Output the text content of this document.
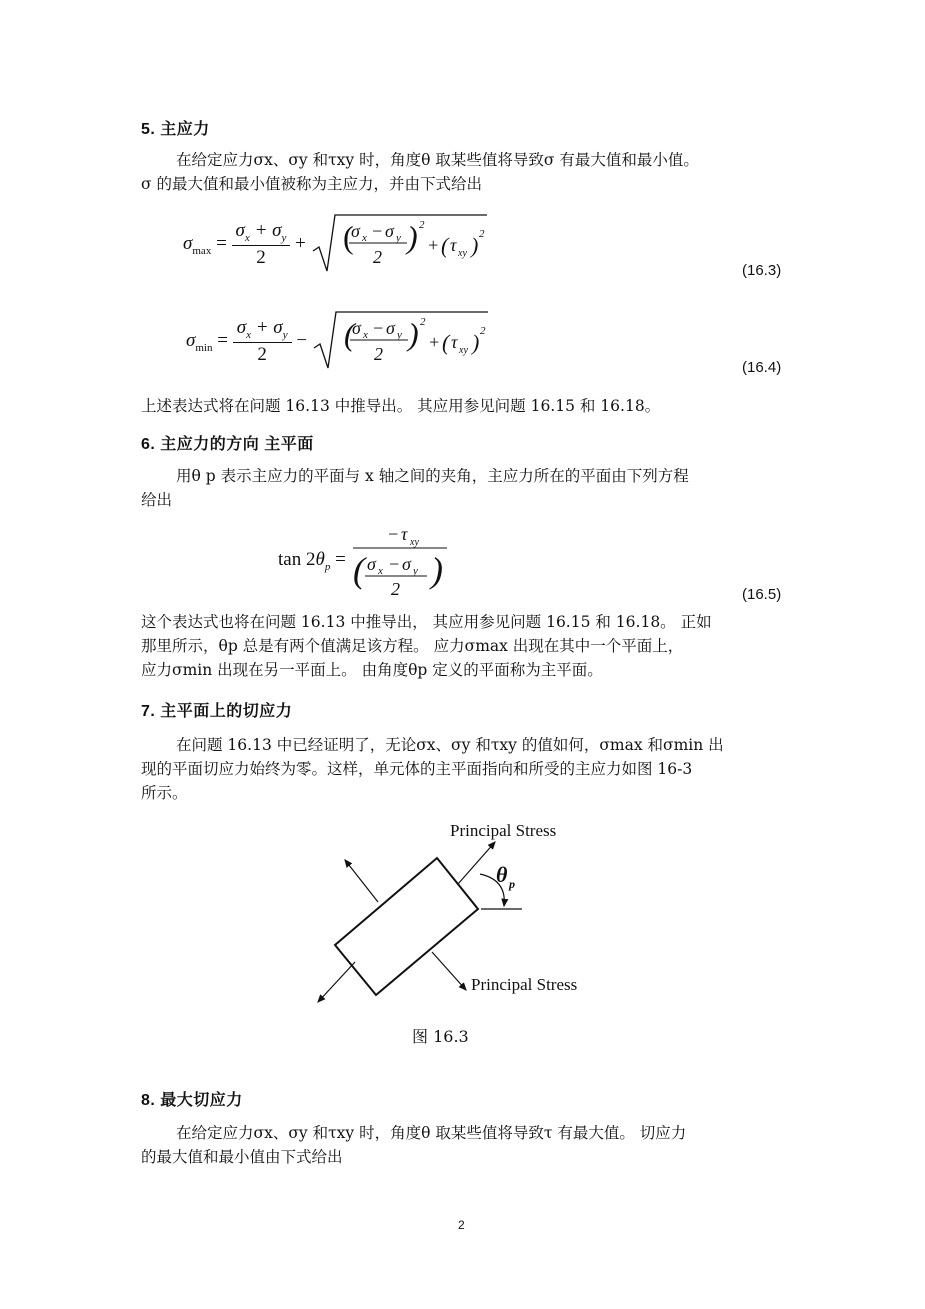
5. 主应力
在给定应力σx、σy 和τxy 时，角度θ 取某些值将导致σ 有最大值和最小值。
σ 的最大值和最小值被称为主应力，并由下式给出
$\sigma_{max} = \frac{\sigma_x + \sigma_y}{2}$ + (
σ x − σ y
2
) 2
+ ( τ xy ) 2
(16.3)
$\sigma_{min} = \frac{\sigma_x + \sigma_y}{2}$ − (
σ x − σ y
2
) 2
+ ( τ xy ) 2
(16.4)
上述表达式将在问题 16.13 中推导出。 其应用参见问题 16.15 和 16.18。
6. 主应力的方向 主平面
用θ p 表示主应力的平面与 x 轴之间的夹角，主应力所在的平面由下列方程
给出
$\tan 2\theta_p$ =
− τ xy
( σ x − σ y
2 )
(16.5)
这个表达式也将在问题 16.13 中推导出， 其应用参见问题 16.15 和 16.18。 正如
那里所示，θp 总是有两个值满足该方程。 应力σmax 出现在其中一个平面上，
应力σmin 出现在另一平面上。 由角度θp 定义的平面称为主平面。
7. 主平面上的切应力
在问题 16.13 中已经证明了，无论σx、σy 和τxy 的值如何，σmax 和σmin 出
现的平面切应力始终为零。这样，单元体的主平面指向和所受的主应力如图 16-3
所示。
θ p
Principal Stress
Principal Stress
图 16.3
8. 最大切应力
在给定应力σx、σy 和τxy 时，角度θ 取某些值将导致τ 有最大值。 切应力
的最大值和最小值由下式给出
2
